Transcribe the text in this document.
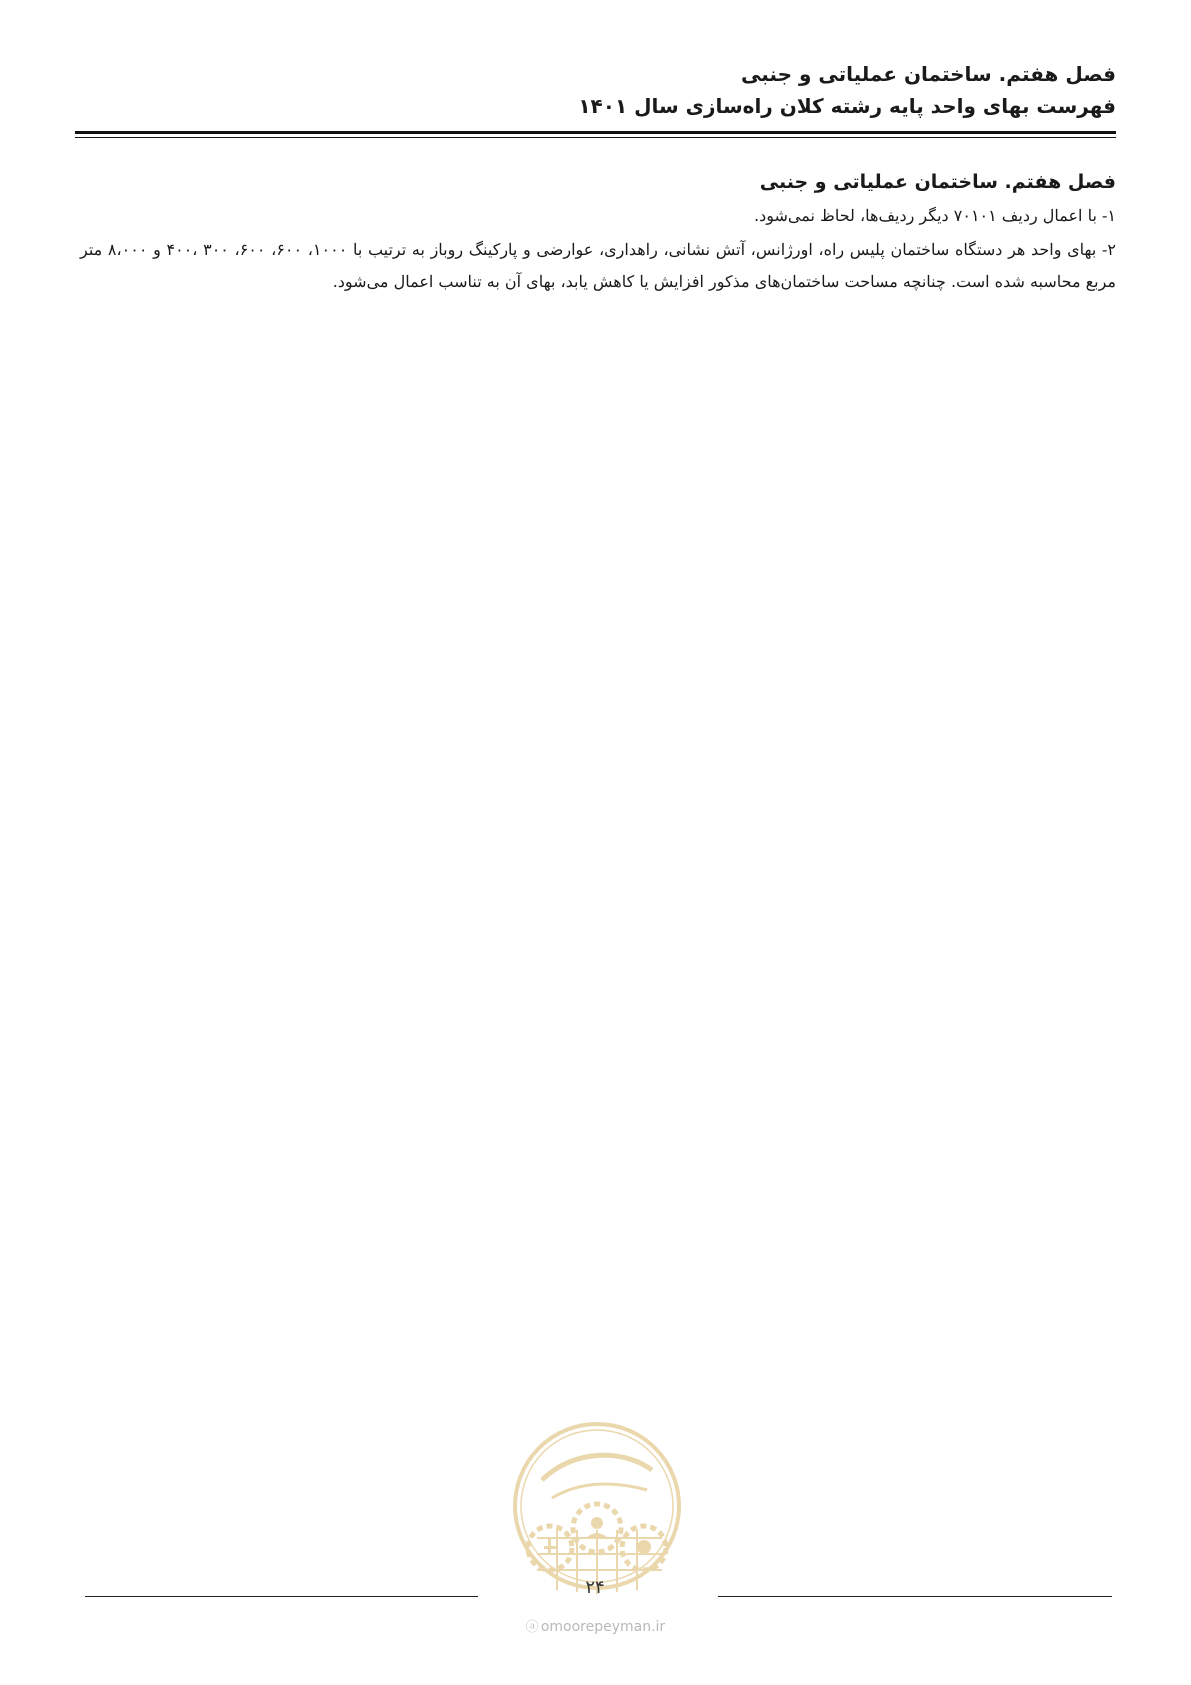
فصل هفتم. ساختمان عملیاتی و جنبی
فهرست بهای واحد پایه رشته کلان راه‌سازی سال ۱۴۰۱
فصل هفتم. ساختمان عملیاتی و جنبی
۱- با اعمال ردیف ۷۰۱۰۱ دیگر ردیف‌ها، لحاظ نمی‌شود.
۲- بهای واحد هر دستگاه ساختمان پلیس راه، اورژانس، آتش نشانی، راهداری، عوارضی و پارکینگ روباز به ترتیب با ۱۰۰۰، ۶۰۰، ۶۰۰، ۳۰۰ ،۴۰۰ و ۸،۰۰۰ متر مربع محاسبه شده است. چنانچه مساحت ساختمان‌های مذکور افزایش یا کاهش یابد، بهای آن به تناسب اعمال می‌شود.
۲۴
ⓐ omoorepeyman.ir
